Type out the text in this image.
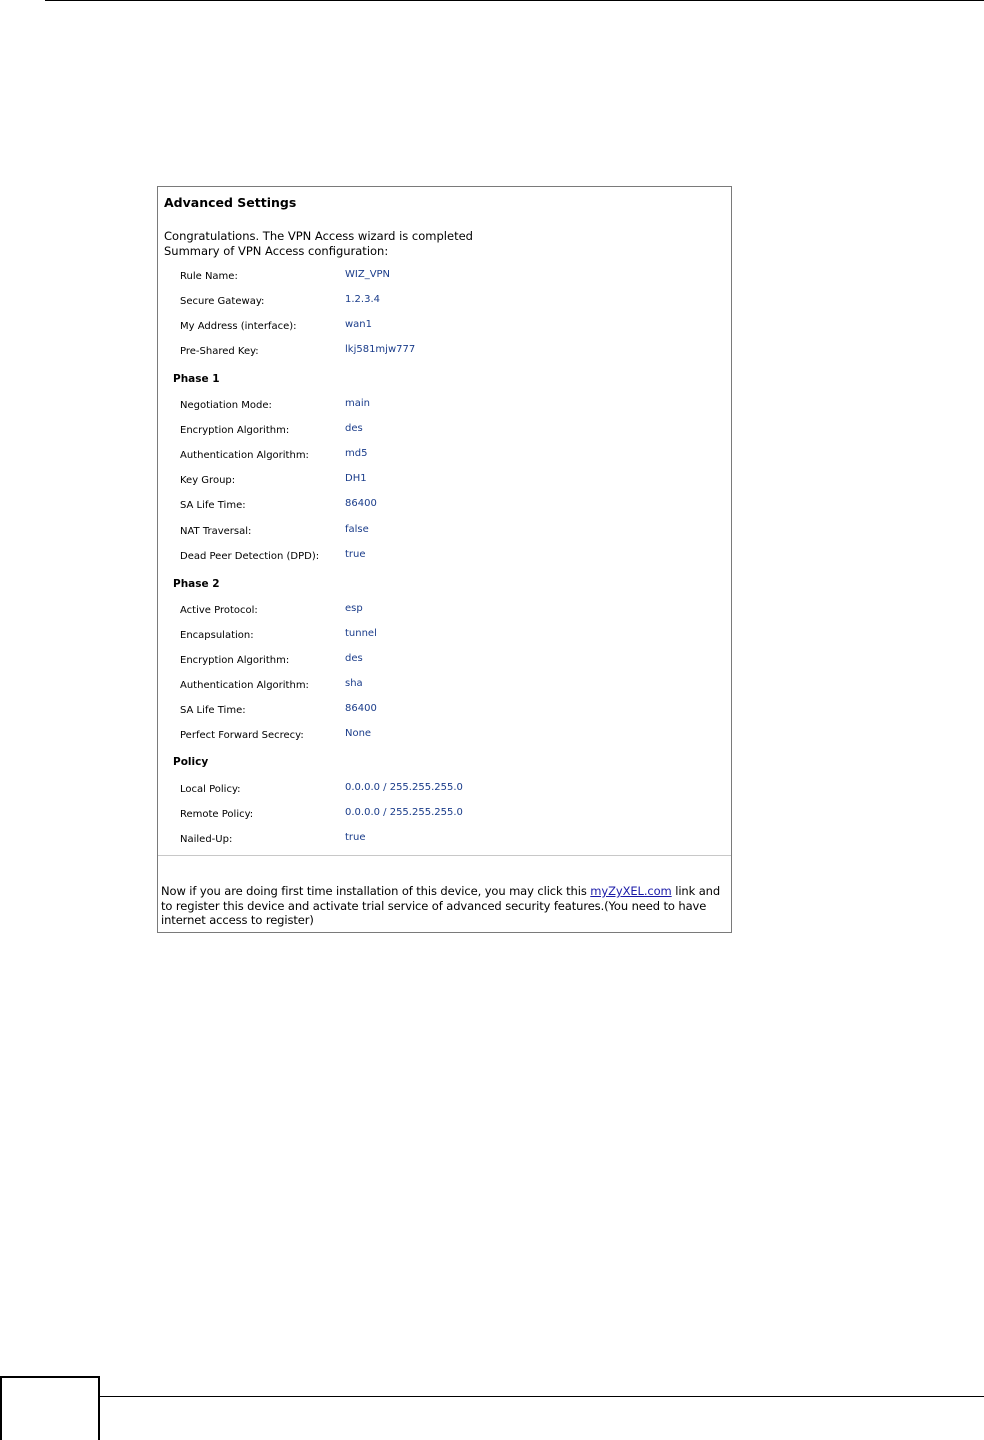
Advanced Settings
Congratulations. The VPN Access wizard is completed
Summary of VPN Access configuration:
Rule Name:	WIZ_VPN
Secure Gateway:	1.2.3.4
My Address (interface):	wan1
Pre-Shared Key:	lkj581mjw777
Phase 1
Negotiation Mode:	main
Encryption Algorithm:	des
Authentication Algorithm:	md5
Key Group:	DH1
SA Life Time:	86400
NAT Traversal:	false
Dead Peer Detection (DPD):	true
Phase 2
Active Protocol:	esp
Encapsulation:	tunnel
Encryption Algorithm:	des
Authentication Algorithm:	sha
SA Life Time:	86400
Perfect Forward Secrecy:	None
Policy
Local Policy:	0.0.0.0 / 255.255.255.0
Remote Policy:	0.0.0.0 / 255.255.255.0
Nailed-Up:	true
Now if you are doing first time installation of this device, you may click this myZyXEL.com link and to register this device and activate trial service of advanced security features.(You need to have internet access to register)
